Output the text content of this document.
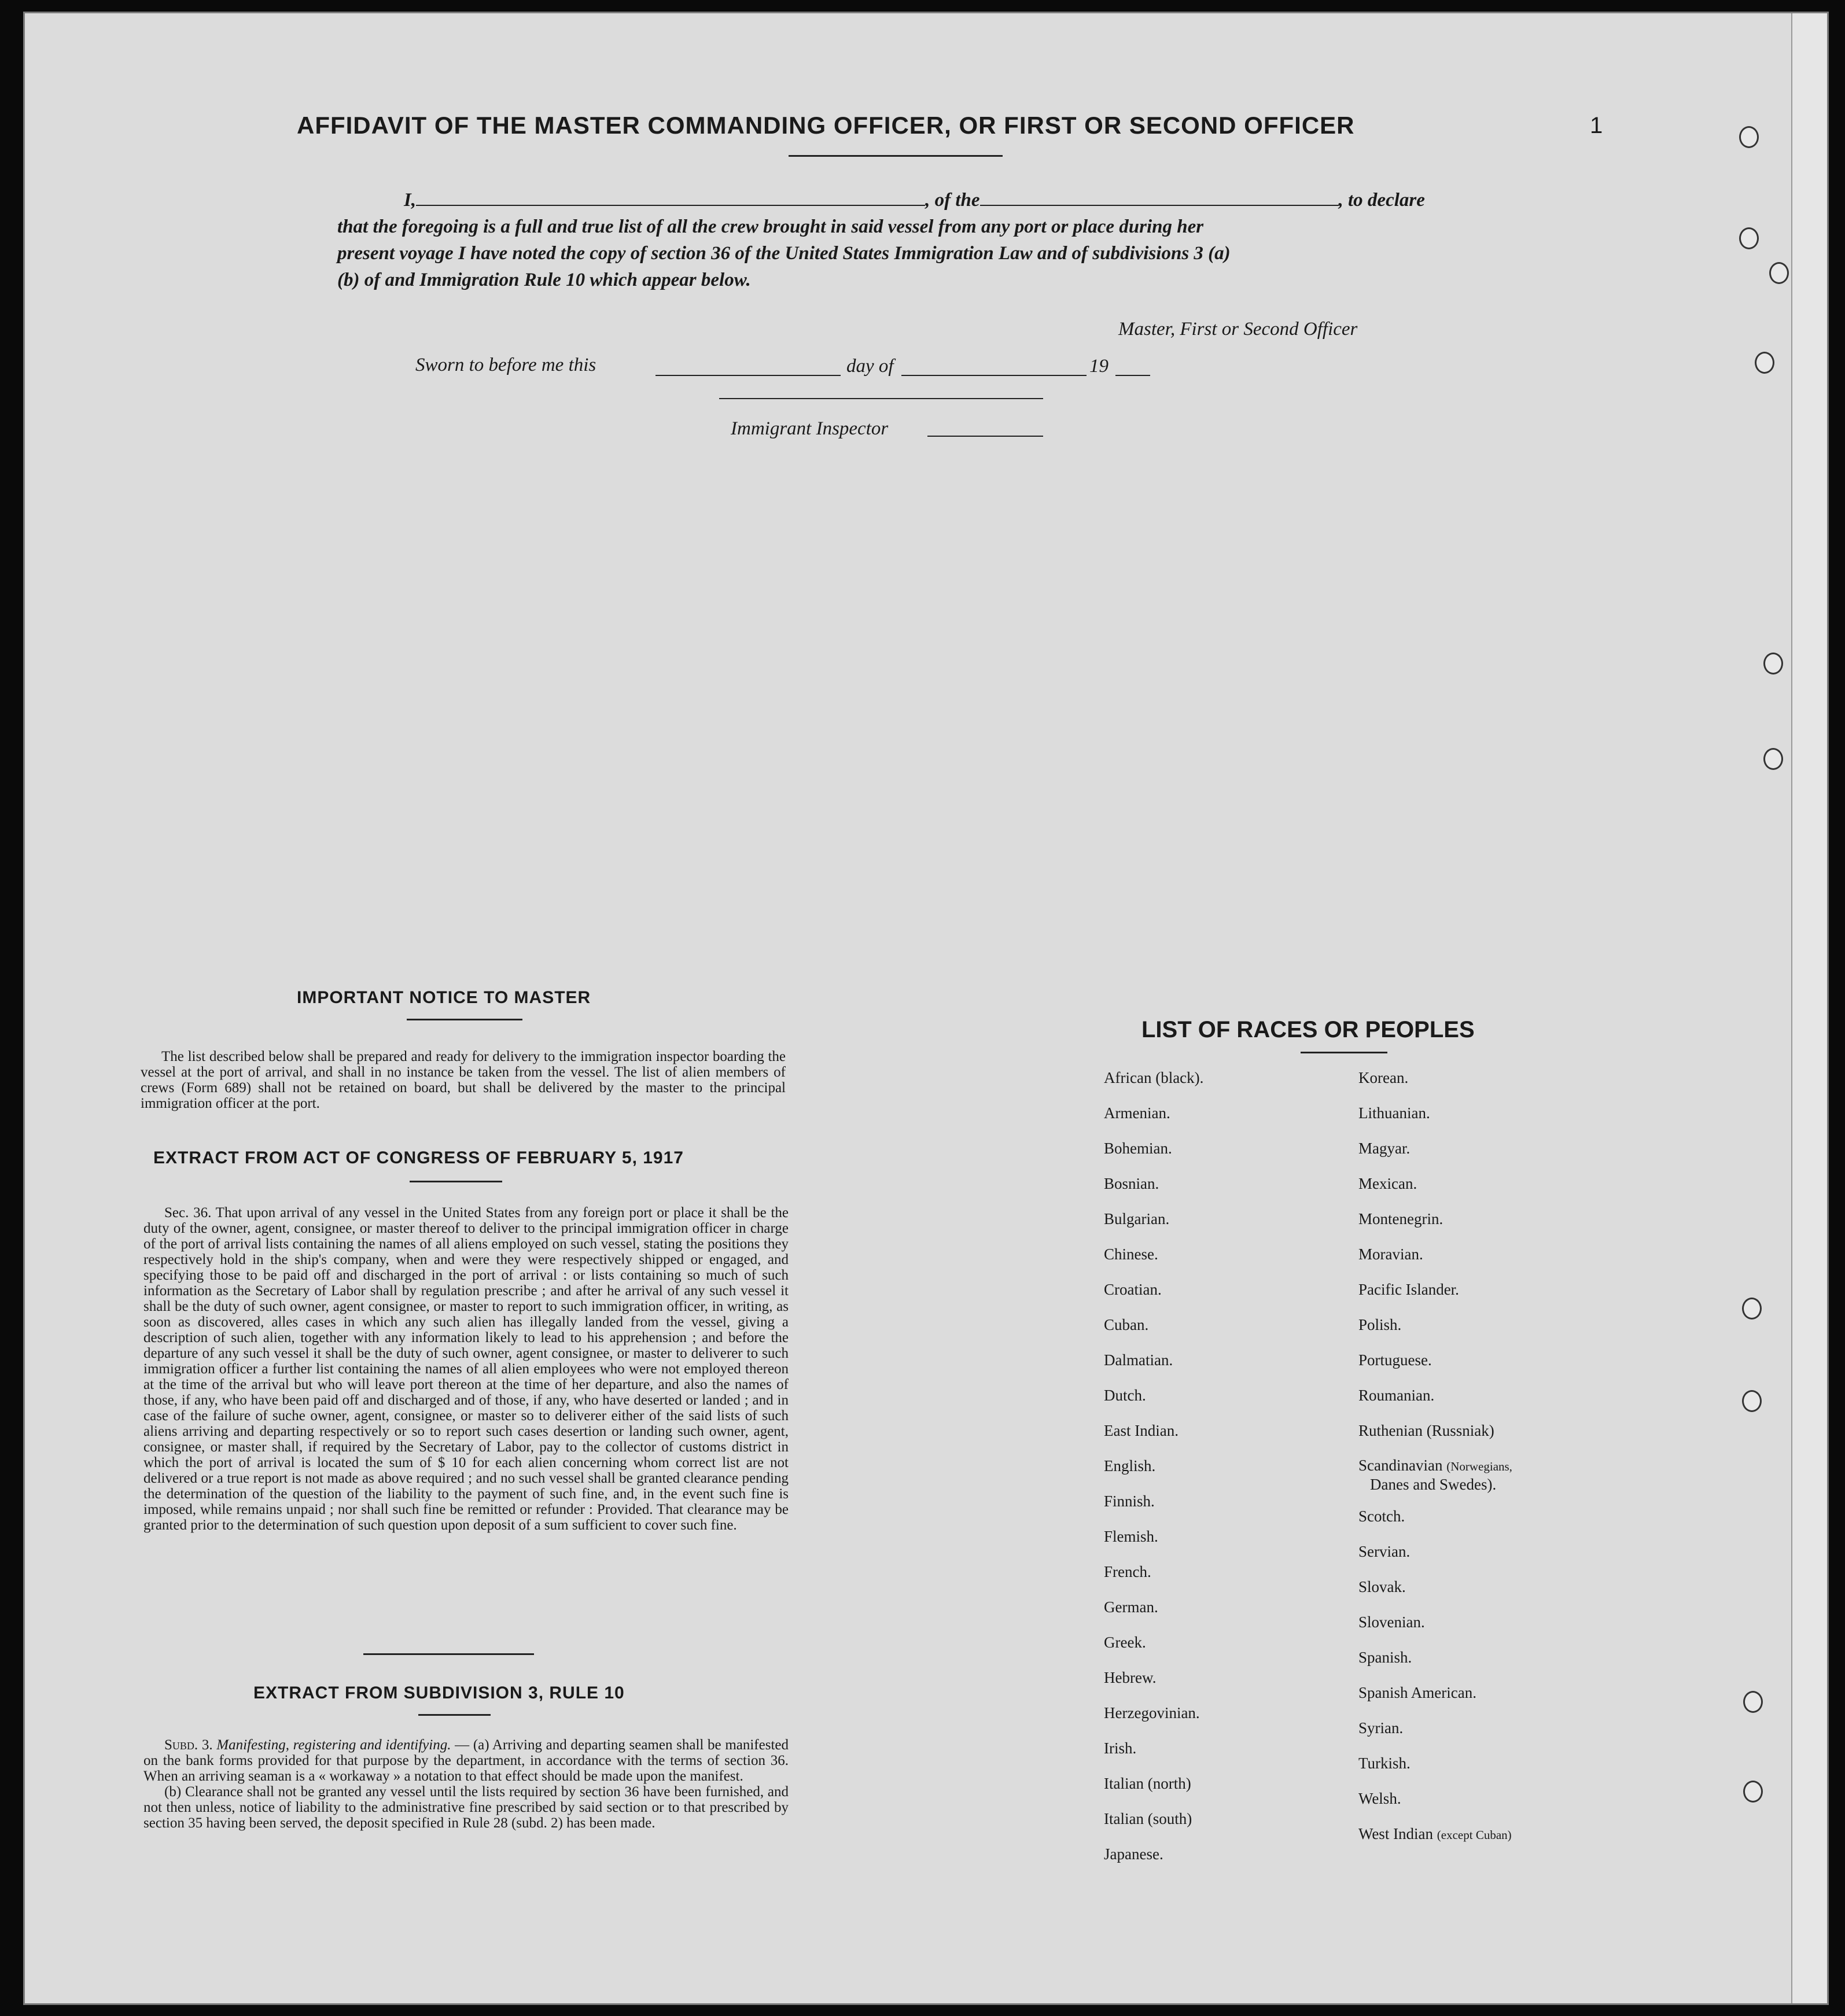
AFFIDAVIT OF THE MASTER COMMANDING OFFICER, OR FIRST OR SECOND OFFICER	1
I,	, of the	, to declare
that the foregoing is a full and true list of all the crew brought in said vessel from any port or place during her
present voyage I have noted the copy of section 36 of the United States Immigration Law and of subdivisions 3 (a)
(b) of and Immigration Rule 10 which appear below.
Master, First or Second Officer
Sworn to before me this	day of	19
Immigrant Inspector
IMPORTANT NOTICE TO MASTER
The list described below shall be prepared and ready for delivery to the immigration inspector boarding the vessel at the port of arrival, and shall in no instance be taken from the vessel. The list of alien members of crews (Form 689) shall not be retained on board, but shall be delivered by the master to the principal immigration officer at the port.
EXTRACT FROM ACT OF CONGRESS OF FEBRUARY 5, 1917
Sec. 36. That upon arrival of any vessel in the United States from any foreign port or place it shall be the duty of the owner, agent, consignee, or master thereof to deliver to the principal immigration officer in charge of the port of arrival lists containing the names of all aliens employed on such vessel, stating the positions they respectively hold in the ship's company, when and were they were respectively shipped or engaged, and specifying those to be paid off and discharged in the port of arrival : or lists containing so much of such information as the Secretary of Labor shall by regulation prescribe ; and after he arrival of any such vessel it shall be the duty of such owner, agent consignee, or master to report to such immigration officer, in writing, as soon as discovered, alles cases in which any such alien has illegally landed from the vessel, giving a description of such alien, together with any information likely to lead to his apprehension ; and before the departure of any such vessel it shall be the duty of such owner, agent consignee, or master to deliverer to such immigration officer a further list containing the names of all alien employees who were not employed thereon at the time of the arrival but who will leave port thereon at the time of her departure, and also the names of those, if any, who have been paid off and discharged and of those, if any, who have deserted or landed ; and in case of the failure of suche owner, agent, consignee, or master so to deliverer either of the said lists of such aliens arriving and departing respectively or so to report such cases desertion or landing such owner, agent, consignee, or master shall, if required by the Secretary of Labor, pay to the collector of customs district in which the port of arrival is located the sum of $ 10 for each alien concerning whom correct list are not delivered or a true report is not made as above required ; and no such vessel shall be granted clearance pending the determination of the question of the liability to the payment of such fine, and, in the event such fine is imposed, while remains unpaid ; nor shall such fine be remitted or refunder : Provided. That clearance may be granted prior to the determination of such question upon deposit of a sum sufficient to cover such fine.
EXTRACT FROM SUBDIVISION 3, RULE 10
Subd. 3. Manifesting, registering and identifying. — (a) Arriving and departing seamen shall be manifested on the bank forms provided for that purpose by the department, in accordance with the terms of section 36. When an arriving seaman is a « workaway » a notation to that effect should be made upon the manifest.
(b) Clearance shall not be granted any vessel until the lists required by section 36 have been furnished, and not then unless, notice of liability to the administrative fine prescribed by said section or to that prescribed by section 35 having been served, the deposit specified in Rule 28 (subd. 2) has been made.
LIST OF RACES OR PEOPLES
African (black).
Armenian.
Bohemian.
Bosnian.
Bulgarian.
Chinese.
Croatian.
Cuban.
Dalmatian.
Dutch.
East Indian.
English.
Finnish.
Flemish.
French.
German.
Greek.
Hebrew.
Herzegovinian.
Irish.
Italian (north)
Italian (south)
Japanese.
Korean.
Lithuanian.
Magyar.
Mexican.
Montenegrin.
Moravian.
Pacific Islander.
Polish.
Portuguese.
Roumanian.
Ruthenian (Russniak)
Scandinavian (Norwegians,
Danes and Swedes).
Scotch.
Servian.
Slovak.
Slovenian.
Spanish.
Spanish American.
Syrian.
Turkish.
Welsh.
West Indian (except Cuban)
